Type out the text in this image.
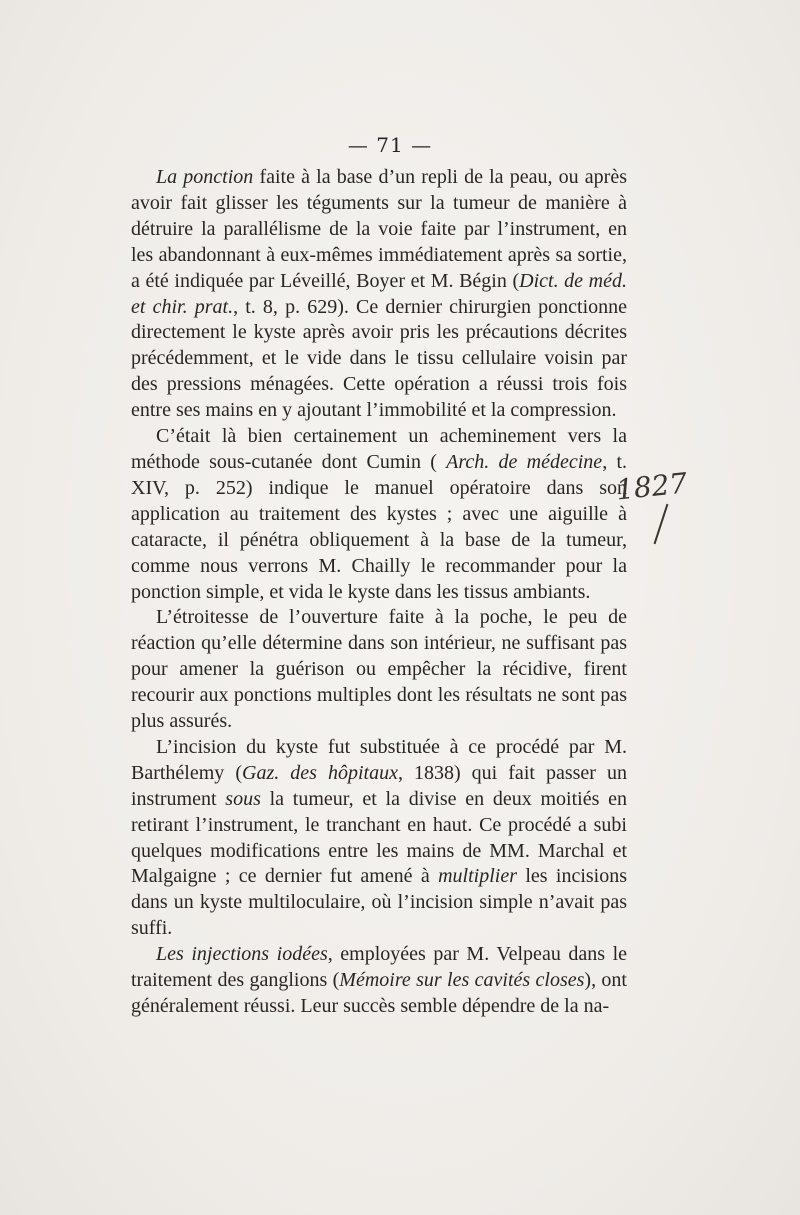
— 71 —

La ponction faite à la base d’un repli de la peau, ou après avoir fait glisser les téguments sur la tumeur de manière à détruire la parallélisme de la voie faite par l’instrument, en les abandonnant à eux-mêmes immédiatement après sa sortie, a été indiquée par Léveillé, Boyer et M. Bégin (Dict. de méd. et chir. prat., t. 8, p. 629). Ce dernier chirurgien ponctionne directement le kyste après avoir pris les précautions décrites précédemment, et le vide dans le tissu cellulaire voisin par des pressions ménagées. Cette opération a réussi trois fois entre ses mains en y ajoutant l’immobilité et la compression.

C’était là bien certainement un acheminement vers la méthode sous-cutanée dont Cumin ( Arch. de médecine, t. XIV, p. 252) indique le manuel opératoire dans son application au traitement des kystes ; avec une aiguille à cataracte, il pénétra obliquement à la base de la tumeur, comme nous verrons M. Chailly le recommander pour la ponction simple, et vida le kyste dans les tissus ambiants.

L’étroitesse de l’ouverture faite à la poche, le peu de réaction qu’elle détermine dans son intérieur, ne suffisant pas pour amener la guérison ou empêcher la récidive, firent recourir aux ponctions multiples dont les résultats ne sont pas plus assurés.

L’incision du kyste fut substituée à ce procédé par M. Barthélemy (Gaz. des hôpitaux, 1838) qui fait passer un instrument sous la tumeur, et la divise en deux moitiés en retirant l’instrument, le tranchant en haut. Ce procédé a subi quelques modifications entre les mains de MM. Marchal et Malgaigne ; ce dernier fut amené à multiplier les incisions dans un kyste multiloculaire, où l’incision simple n’avait pas suffi.

Les injections iodées, employées par M. Velpeau dans le traitement des ganglions (Mémoire sur les cavités closes), ont généralement réussi. Leur succès semble dépendre de la na-

1827
